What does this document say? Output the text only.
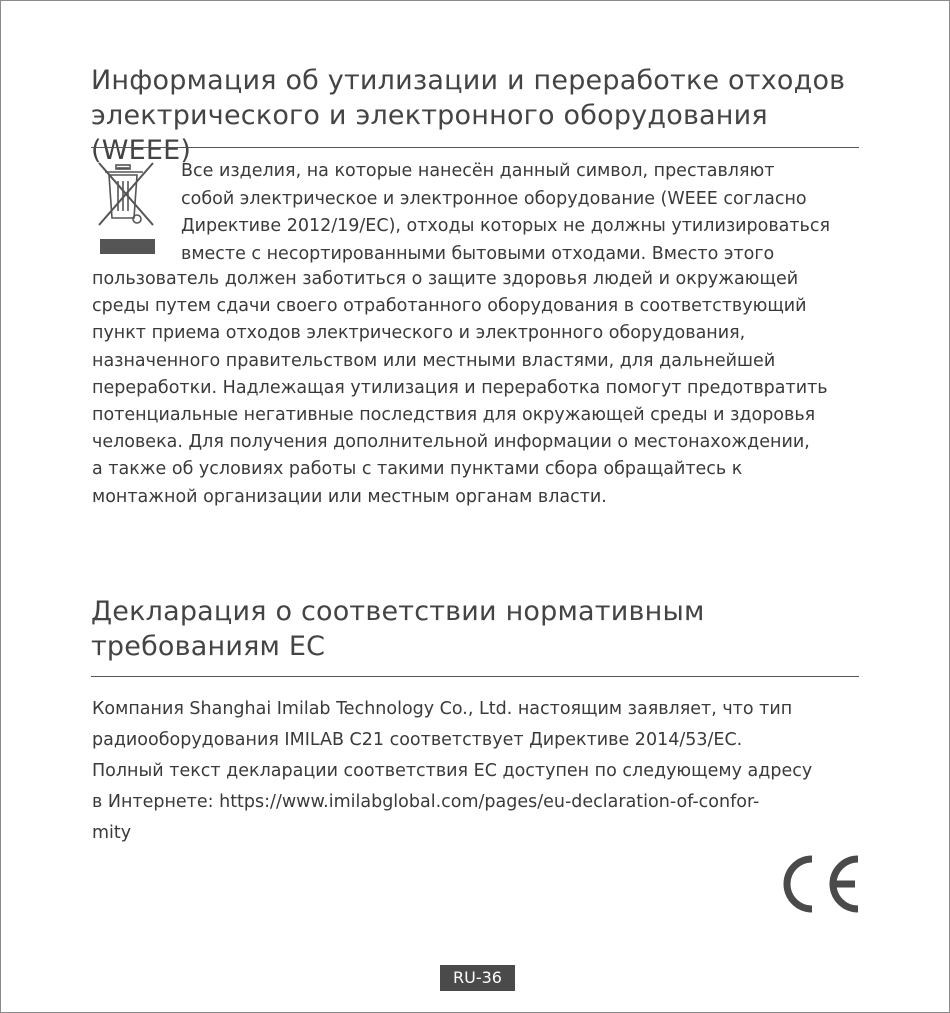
Информация об утилизации и переработке отходов
электрического и электронного оборудования (WEEE)
Все изделия, на которые нанесён данный символ, преставляют
собой электрическое и электронное оборудование (WEEE согласно
Директиве 2012/19/ЕС), отходы которых не должны утилизироваться
вместе с несортированными бытовыми отходами. Вместо этого
пользователь должен заботиться о защите здоровья людей и окружающей
среды путем сдачи своего отработанного оборудования в соответствующий
пункт приема отходов электрического и электронного оборудования,
назначенного правительством или местными властями, для дальнейшей
переработки. Надлежащая утилизация и переработка помогут предотвратить
потенциальные негативные последствия для окружающей среды и здоровья
человека. Для получения дополнительной информации о местонахождении,
а также об условиях работы с такими пунктами сбора обращайтесь к
монтажной организации или местным органам власти.
Декларация о соответствии нормативным
требованиям ЕС
Компания Shanghai Imilab Technology Co., Ltd. настоящим заявляет, что тип
радиооборудования IMILAB C21 соответствует Директиве 2014/53/ЕС.
Полный текст декларации соответствия ЕС доступен по следующему адресу
в Интернете: https://www.imilabglobal.com/pages/eu-declaration-of-confor-
mity
RU-36
